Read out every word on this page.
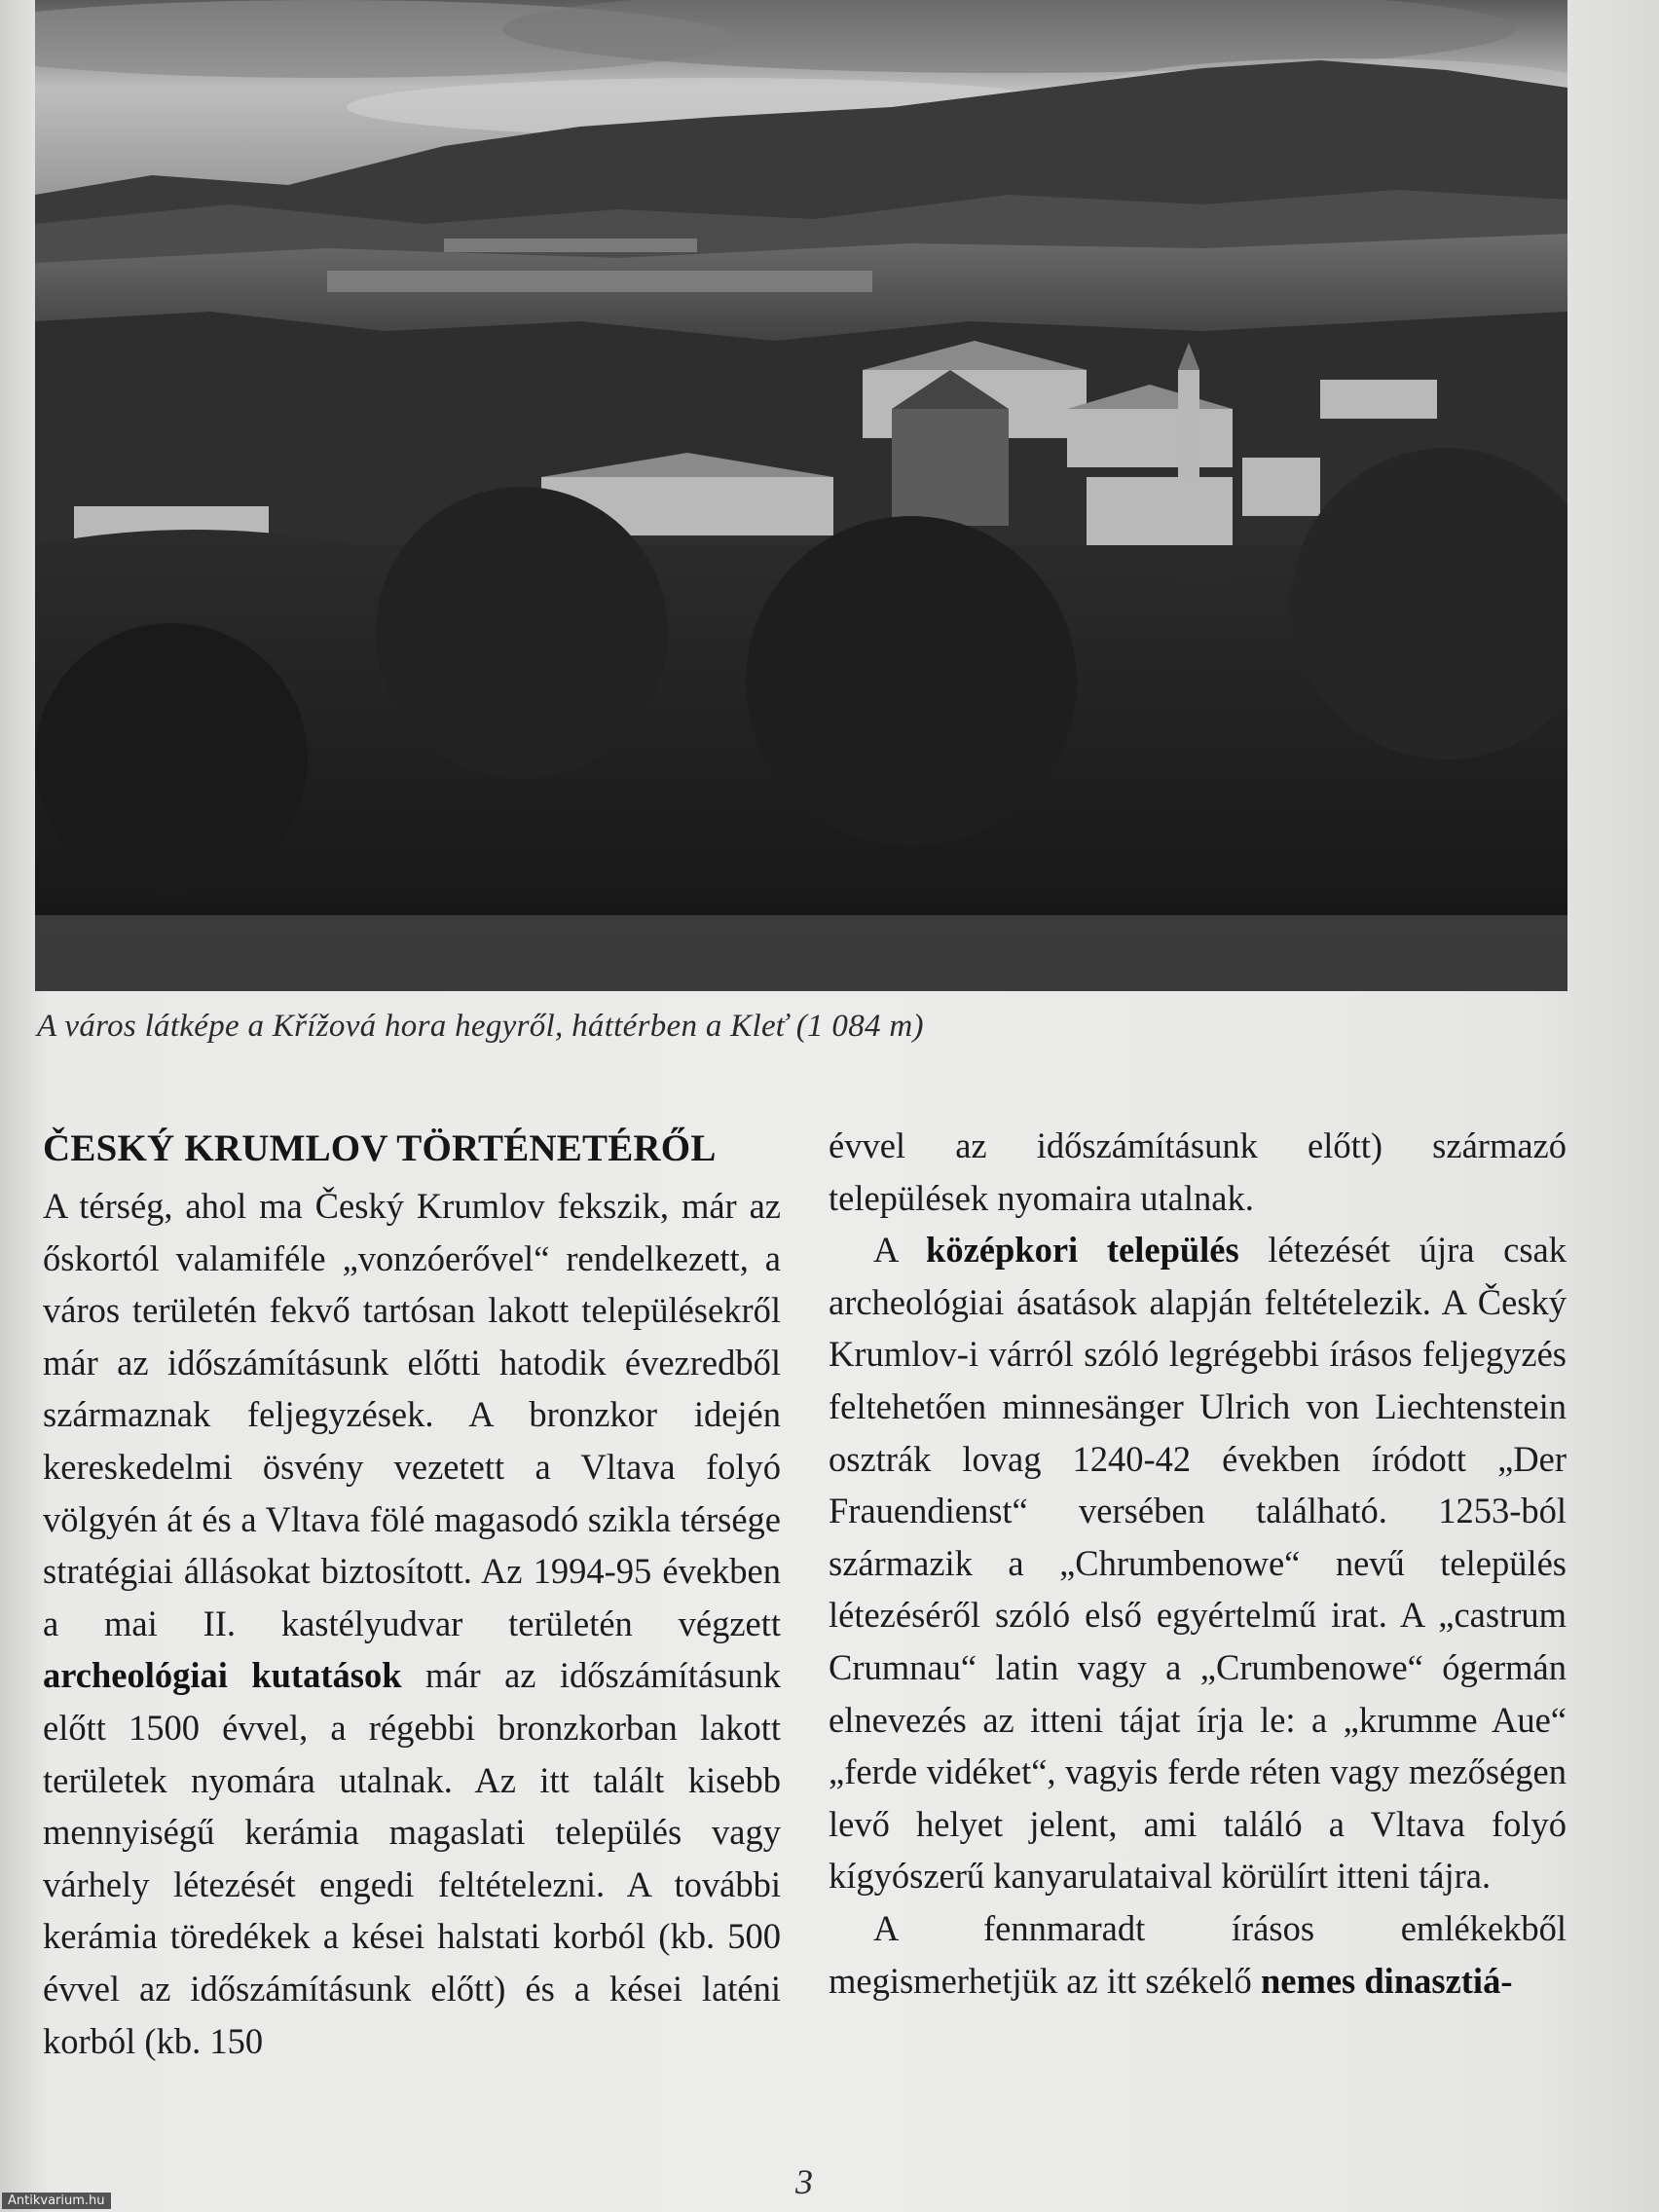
A város látképe a Křížová hora hegyről, háttérben a Kleť (1 084 m)
ČESKÝ KRUMLOV TÖRTÉNETÉRŐL

A térség, ahol ma Český Krumlov fekszik, már az őskortól valamiféle „vonzóerővel“ rendelkezett, a város területén fekvő tartósan lakott településekről már az időszámításunk előtti hatodik évezredből származnak feljegyzések. A bronzkor idején kereskedelmi ösvény vezetett a Vltava folyó völgyén át és a Vltava fölé magasodó szikla térsége stratégiai állásokat biztosított. Az 1994-95 években a mai II. kastélyudvar területén végzett archeológiai kutatások már az időszámításunk előtt 1500 évvel, a régebbi bronzkorban lakott területek nyomára utalnak. Az itt talált kisebb mennyiségű kerámia magaslati település vagy várhely létezését engedi feltételezni. A további kerámia töredékek a kései halstati korból (kb. 500 évvel az időszámításunk előtt) és a kései laténi korból (kb. 150

évvel az időszámításunk előtt) származó települések nyomaira utalnak.

A középkori település létezését újra csak archeológiai ásatások alapján feltételezik. A Český Krumlov-i várról szóló legrégebbi írásos feljegyzés feltehetően minnesänger Ulrich von Liechtenstein osztrák lovag 1240-42 években íródott „Der Frauendienst“ versében található. 1253-ból származik a „Chrumbenowe“ nevű település létezéséről szóló első egyértelmű irat. A „castrum Crumnau“ latin vagy a „Crumbenowe“ ógermán elnevezés az itteni tájat írja le: a „krumme Aue“ „ferde vidéket“, vagyis ferde réten vagy mezőségen levő helyet jelent, ami találó a Vltava folyó kígyószerű kanyarulataival körülírt itteni tájra.

A fennmaradt írásos emlékekből megismerhetjük az itt székelő nemes dinasztiá-

3
Antikvarium.hu
